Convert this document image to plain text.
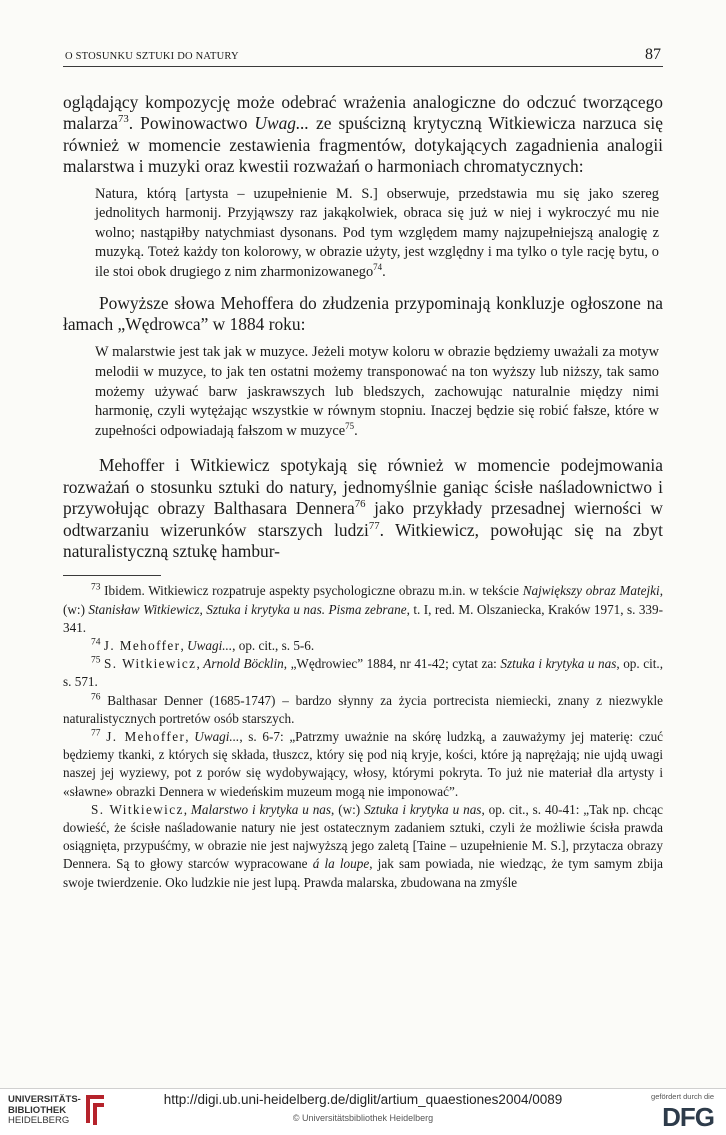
O STOSUNKU SZTUKI DO NATURY	87

oglądający kompozycję może odebrać wrażenia analogiczne do odczuć tworzącego malarza$^{73}$. Powinowactwo Uwag... ze spuścizną krytyczną Witkiewicza narzuca się również w momencie zestawienia fragmentów, dotykających zagadnienia analogii malarstwa i muzyki oraz kwestii rozważań o harmoniach chromatycznych:

Natura, którą [artysta – uzupełnienie M. S.] obserwuje, przedstawia mu się jako szereg jednolitych harmonij. Przyjąwszy raz jakąkolwiek, obraca się już w niej i wykroczyć mu nie wolno; nastąpiłby natychmiast dysonans. Pod tym względem mamy najzupełniejszą analogię z muzyką. Toteż każdy ton kolorowy, w obrazie użyty, jest względny i ma tylko o tyle rację bytu, o ile stoi obok drugiego z nim zharmonizowanego$^{74}$.

Powyższe słowa Mehoffera do złudzenia przypominają konkluzje ogłoszone na łamach „Wędrowca” w 1884 roku:

W malarstwie jest tak jak w muzyce. Jeżeli motyw koloru w obrazie będziemy uważali za motyw melodii w muzyce, to jak ten ostatni możemy transponować na ton wyższy lub niższy, tak samo możemy używać barw jaskrawszych lub bledszych, zachowując naturalnie między nimi harmonię, czyli wytężając wszystkie w równym stopniu. Inaczej będzie się robić fałsze, które w zupełności odpowiadają fałszom w muzyce$^{75}$.

Mehoffer i Witkiewicz spotykają się również w momencie podejmowania rozważań o stosunku sztuki do natury, jednomyślnie ganiąc ścisłe naśladownictwo i przywołując obrazy Balthasara Dennera$^{76}$ jako przykłady przesadnej wierności w odtwarzaniu wizerunków starszych ludzi$^{77}$. Witkiewicz, powołując się na zbyt naturalistyczną sztukę hambur-

$^{73}$ Ibidem. Witkiewicz rozpatruje aspekty psychologiczne obrazu m.in. w tekście Największy obraz Matejki, (w:) Stanisław Witkiewicz, Sztuka i krytyka u nas. Pisma zebrane, t. I, red. M. Olszaniecka, Kraków 1971, s. 339-341.

$^{74}$ J. Mehoffer, Uwagi..., op. cit., s. 5-6.

$^{75}$ S. Witkiewicz, Arnold Böcklin, „Wędrowiec” 1884, nr 41-42; cytat za: Sztuka i krytyka u nas, op. cit., s. 571.

$^{76}$ Balthasar Denner (1685-1747) – bardzo słynny za życia portrecista niemiecki, znany z niezwykle naturalistycznych portretów osób starszych.

$^{77}$ J. Mehoffer, Uwagi..., s. 6-7: „Patrzmy uważnie na skórę ludzką, a zauważymy jej materię: czuć będziemy tkanki, z których się składa, tłuszcz, który się pod nią kryje, kości, które ją naprężają; nie ujdą uwagi naszej jej wyziewy, pot z porów się wydobywający, włosy, którymi pokryta. To już nie materiał dla artysty i «sławne» obrazki Dennera w wiedeńskim muzeum mogą nie imponować”.

S. Witkiewicz, Malarstwo i krytyka u nas, (w:) Sztuka i krytyka u nas, op. cit., s. 40-41: „Tak np. chcąc dowieść, że ścisłe naśladowanie natury nie jest ostatecznym zadaniem sztuki, czyli że możliwie ścisła prawda osiągnięta, przypuśćmy, w obrazie nie jest najwyższą jego zaletą [Taine – uzupełnienie M. S.], przytacza obrazy Dennera. Są to głowy starców wypracowane á la loupe, jak sam powiada, nie wiedząc, że tym samym zbija swoje twierdzenie. Oko ludzkie nie jest lupą. Prawda malarska, zbudowana na zmyśle

UNIVERSITÄTS-
BIBLIOTHEK
HEIDELBERG
http://digi.ub.uni-heidelberg.de/diglit/artium_quaestiones2004/0089
© Universitätsbibliothek Heidelberg
gefördert durch die
DFG
